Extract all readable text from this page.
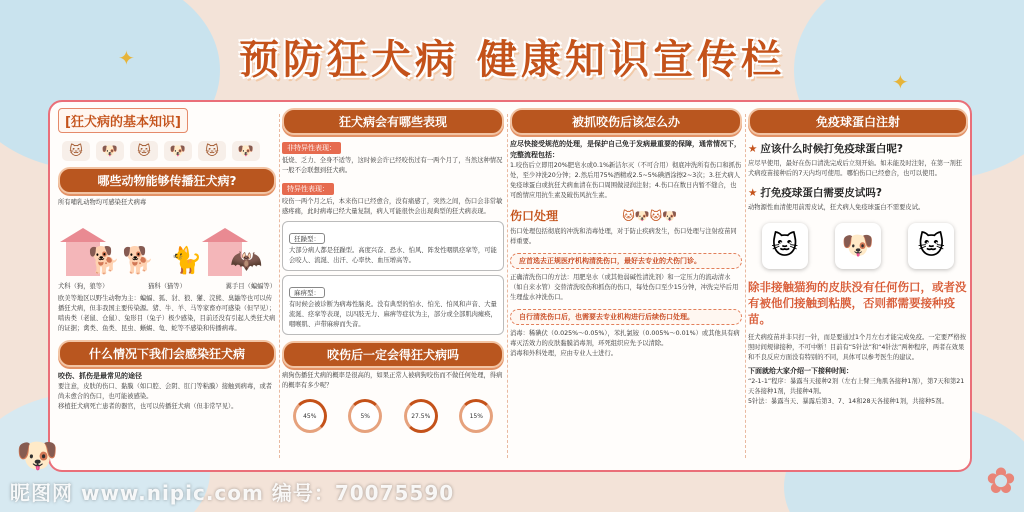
预防狂犬病 健康知识宣传栏
✦
✦
[狂犬病的基本知识]
🐱	🐶	🐱	🐶	🐱	🐶
哪些动物能够传播狂犬病?
所有哺乳动物均可感染狂犬病毒
🐕 🐕 🐈 🦇
犬科（狗，狼等）	猫科（猫等）	翼手目（蝙蝠等）
欧美等地区以野生动物为主：蝙蝠、狐、豺、狼、獾、浣熊、臭鼬等也可以传播狂犬病，但非我国主要传染源。猪、牛、羊、马等家畜亦可感染（但罕见）；啮齿类（老鼠、仓鼠）、兔形目（兔子）极少感染，目前还没有引起人类狂犬病的证据；禽类、鱼类、昆虫、蜥蜴、龟、蛇等不感染和传播病毒。
什么情况下我们会感染狂犬病
咬伤、抓伤是最常见的途径
要注意，皮肤的伤口、黏膜（如口腔、会阴、肛门等粘膜）接触到病毒，或者尚未愈合的伤口，也可能被感染。
移植狂犬病死亡患者的器官，也可以传播狂犬病（但非常罕见）。
狂犬病会有哪些表现
非特异性表现：
低烧、乏力、全身不适等，这时候会许已经咬伤过有一两个月了，当然这种情况一般不会联想到狂犬病。
特异性表现：
咬伤一两个月之后，本来伤口已经愈合，没有痛感了，突然之间，伤口会非常敏感疼痛，此时病毒已经大量复制，病人可能很快会出现典型的狂犬病表现。
狂躁型：
大部分病人都是狂躁型。高度兴奋、恐水、怕风、阵发性咽肌痉挛等，可能会咬人、流涎、出汗、心率快、血压增高等。
麻痹型：
有时候会被诊断为病毒性脑炎。没有典型的怕水、怕光、怕风和声音、大量流涎、痉挛等表现，以四肢无力、麻痹等症状为主，部分或全部肌肉瘫痪，咽喉肌、声带麻痹而失音。
咬伤后一定会得狂犬病吗
病狗伤播狂犬病的概率是很高的，如果正常人被病狗咬伤而不做任何处理，得病的概率有多少呢？
45%	5%	27.5%	15%
被抓咬伤后该怎么办
应尽快接受规范的处理，是保护自己免于发病最重要的保障，通常情况下，完整流程包括：
1.咬伤后立即用20%肥皂水或0.1%新洁尔灭（不可合用）彻底冲洗所有伤口和抓伤处，至少冲洗20分钟；2.然后用75%酒精或2.5~5%碘酒涂擦2~3次；3.狂犬病人免疫球蛋白或抗狂犬病血清在伤口周围做浸润注射；4.伤口在数日内暂不缝合，也可酌情应用抗生素及破伤风抗生素。
伤口处理	🐱🐶🐱🐶
伤口处理包括彻底的冲洗和消毒处理，对于防止疾病发生，伤口处理与注射疫苗同样重要。
应首选去正规医疗机构清洗伤口，最好去专业的犬伤门诊。
正确清洗伤口的方法：用肥皂水（或其他弱碱性清洗剂）和一定压力的流动清水（如自来水管）交替清洗咬伤和抓伤的伤口，每处伤口至少15分钟，冲洗完毕后用生理盐水冲洗伤口。
自行清洗伤口后，也需要去专业机构进行后续伤口处理。
消毒：稀碘伏（0.025%～0.05%），苯扎氯铵（0.005%～0.01%）或其他具有病毒灭活效力的皮肤黏膜消毒剂，环死组织应先予以清除。
消毒和外科处理，应由专业人士进行。
免疫球蛋白注射
★ 应该什么时候打免疫球蛋白呢?
应尽早使用，最好在伤口清洗完成后立刻开始。如未能及时注射，在第一剂狂犬病疫苗接种后的7天内均可使用。哪怕伤口已经愈合，也可以使用。
★ 打免疫球蛋白需要皮试吗?
动物源性血清使用前需皮试，狂犬病人免疫球蛋白不需要皮试。
🐱	🐶	🐱
除非接触猫狗的皮肤没有任何伤口，或者没有被他们接触到粘膜，否则都需要接种疫苗。
狂犬病疫苗并非只打一针，而是要通过1个月左右才能完成免疫。一定要严格按照时间规律接种，不可中断！目前有“5针法”和“4针法”两种程序，两者在效果和不良反应方面没有特别的不同，具体可以参考医生的建议。
下面就给大家介绍一下接种时间：
“2-1-1”程序：暴露当天接种2剂（左右上臂三角肌各接种1剂），第7天和第21天各接种1剂，共接种4剂。
5针法：暴露当天、暴露后第3、7、14和28天各接种1剂，共接种5剂。
🐶
✿
昵图网 www.nipic.com 编号：70075590
